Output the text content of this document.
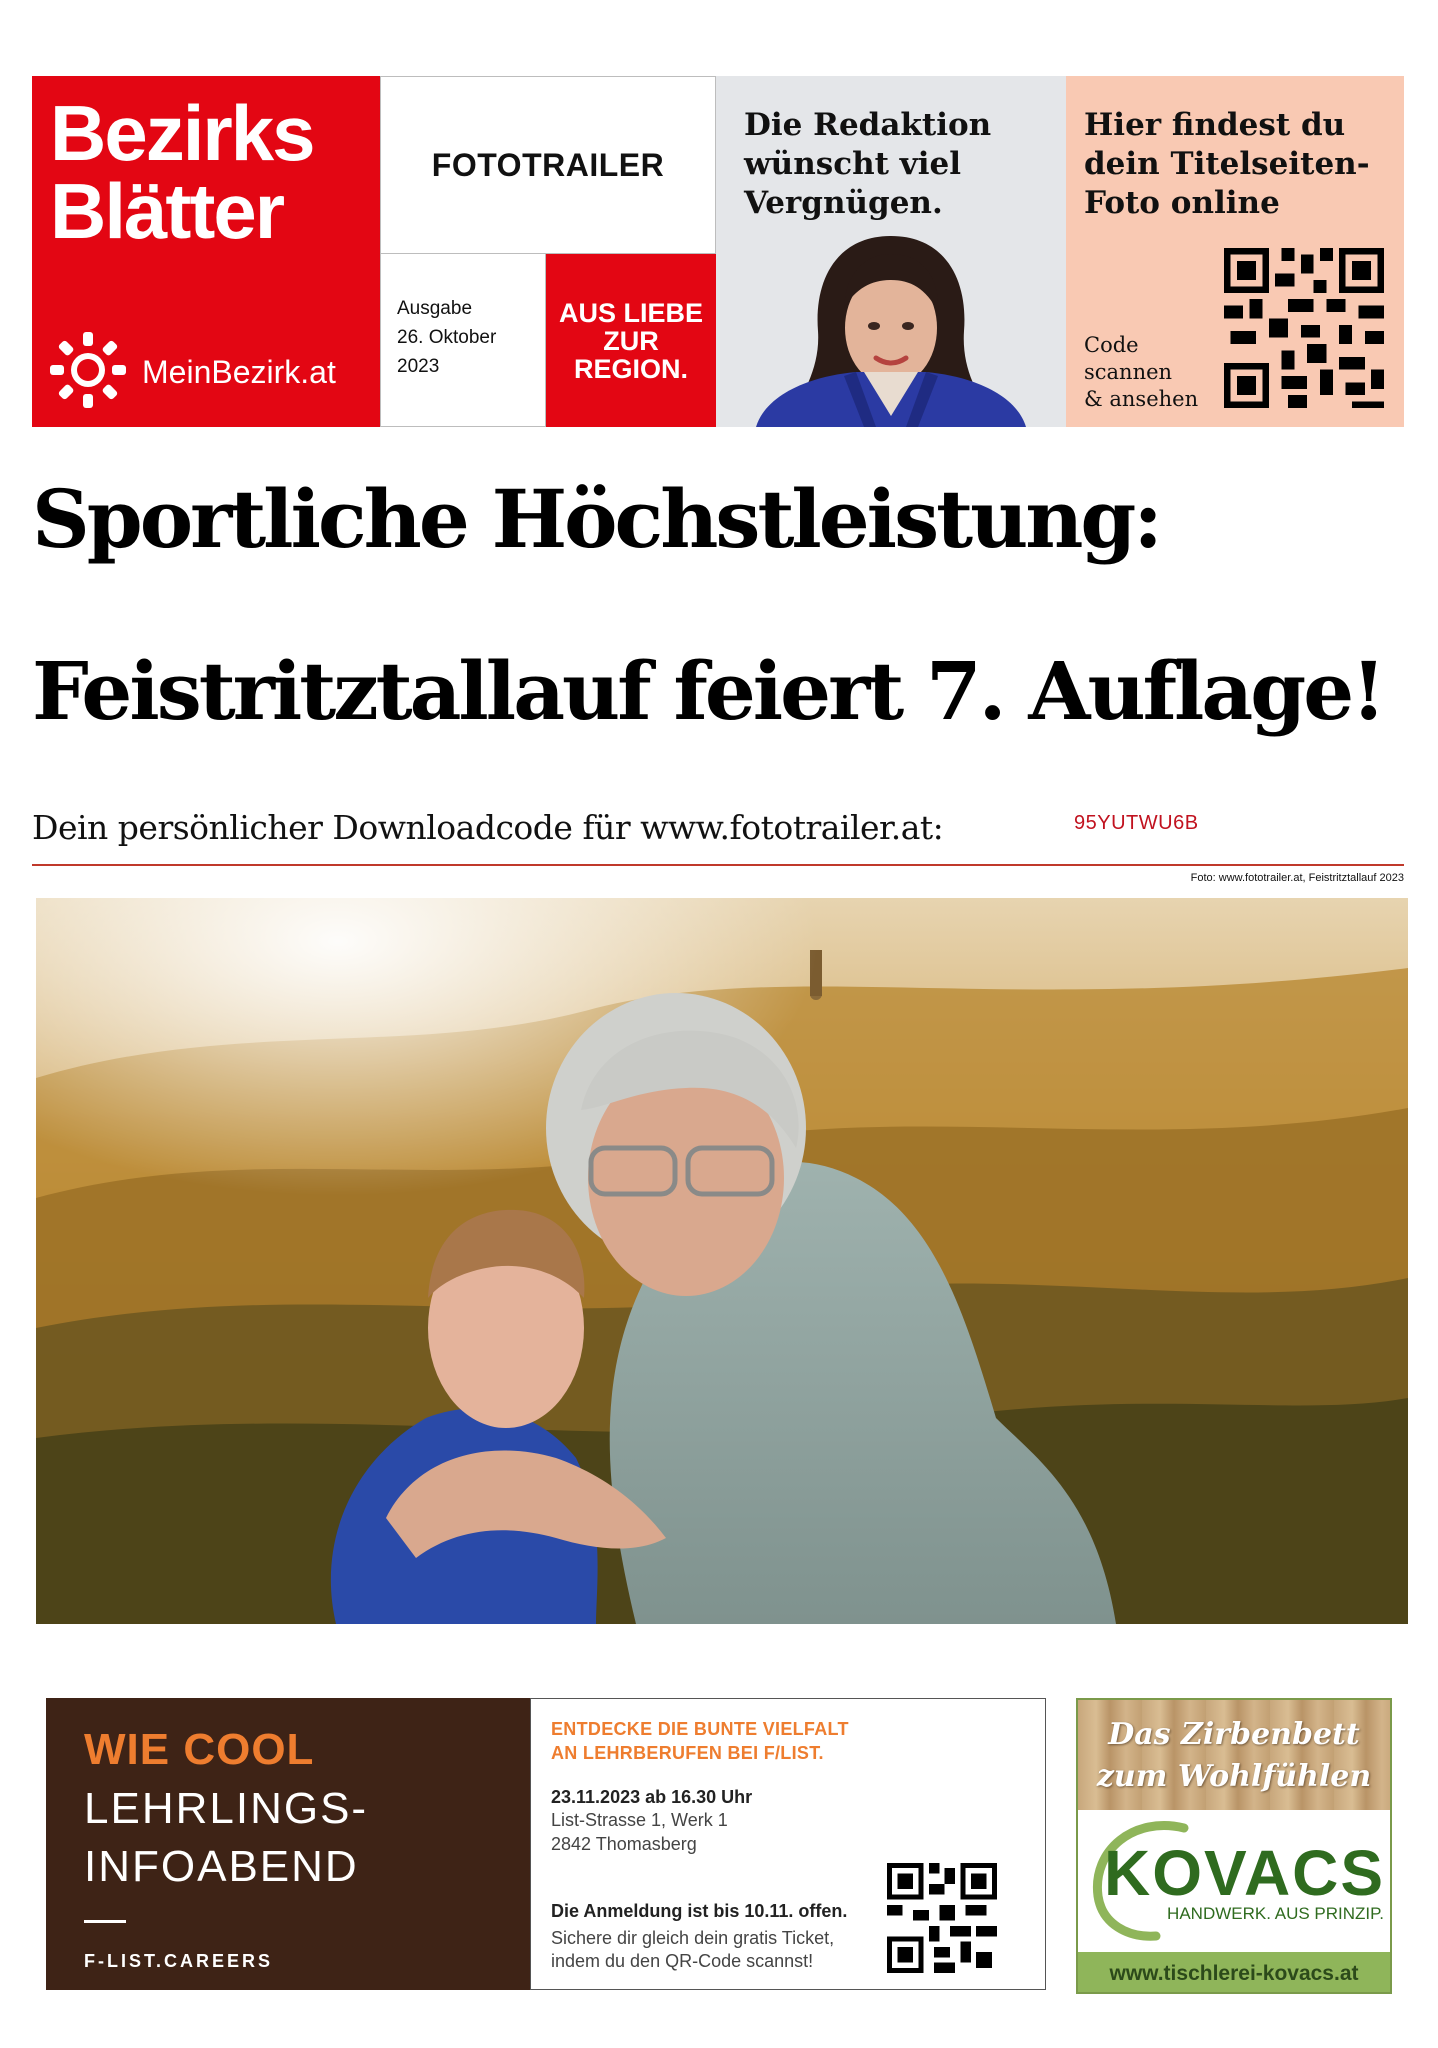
Bezirks
Blätter
MeinBezirk.at
FOTOTRAILER
Ausgabe
26. Oktober
2023
AUS LIEBE
ZUR
REGION.
Die Redaktion wünscht viel Vergnügen.
Hier findest du dein Titelseiten-Foto online
Code
scannen
& ansehen
Sportliche Höchstleistung:
Feistritztallauf feiert 7. Auflage!
Dein persönlicher Downloadcode für www.fototrailer.at:	95YUTWU6B
Foto: www.fototrailer.at, Feistritztallauf 2023
WIE COOL
LEHRLINGS-
INFOABEND
F-LIST.CAREERS
ENTDECKE DIE BUNTE VIELFALT
AN LEHRBERUFEN BEI F/LIST.
23.11.2023 ab 16.30 Uhr
List-Strasse 1, Werk 1
2842 Thomasberg
Die Anmeldung ist bis 10.11. offen.
Sichere dir gleich dein gratis Ticket, indem du den QR-Code scannst!
Das Zirbenbett
zum Wohlfühlen
KOVACS
HANDWERK. AUS PRINZIP.
www.tischlerei-kovacs.at
